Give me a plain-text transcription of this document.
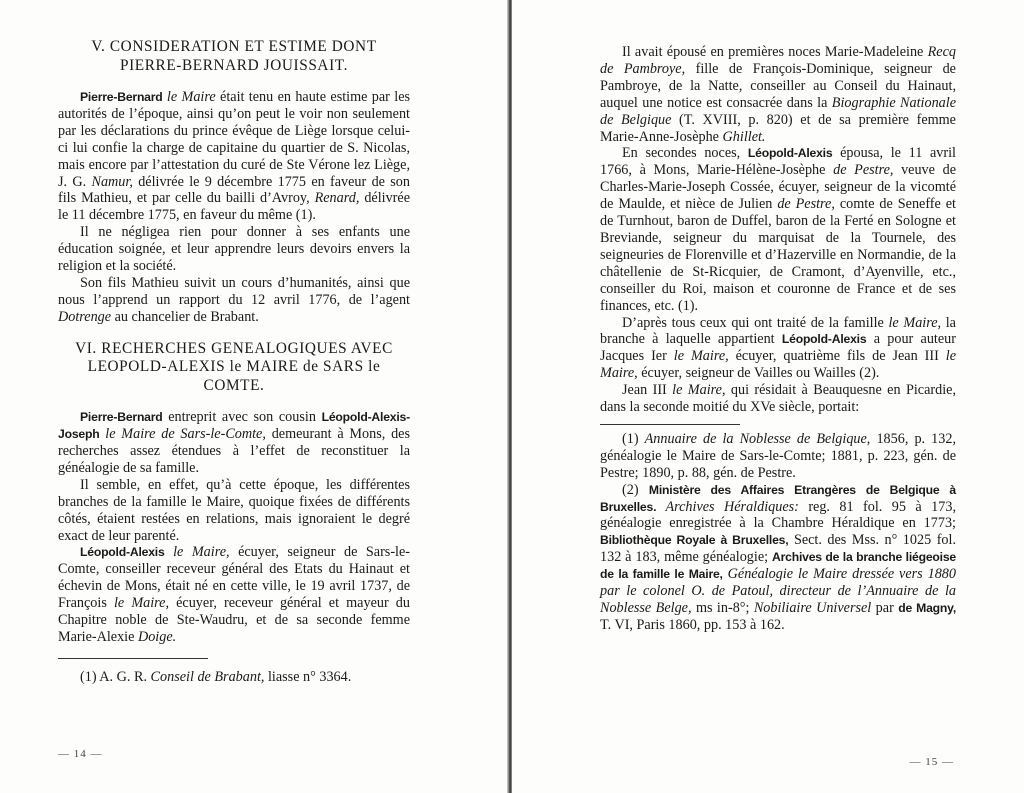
V. CONSIDERATION ET ESTIME DONT
PIERRE-BERNARD JOUISSAIT.

Pierre-Bernard le Maire était tenu en haute estime par les autorités de l’époque, ainsi qu’on peut le voir non seulement par les déclarations du prince évêque de Liège lorsque celui-ci lui confie la charge de capitaine du quartier de S. Nicolas, mais encore par l’attestation du curé de Ste Vérone lez Liège, J. G. Namur, délivrée le 9 décembre 1775 en faveur de son fils Mathieu, et par celle du bailli d’Avroy, Renard, délivrée le 11 décembre 1775, en faveur du même (1).

Il ne négligea rien pour donner à ses enfants une éducation soignée, et leur apprendre leurs devoirs envers la religion et la société.

Son fils Mathieu suivit un cours d’humanités, ainsi que nous l’apprend un rapport du 12 avril 1776, de l’agent Dotrenge au chancelier de Brabant.

VI. RECHERCHES GENEALOGIQUES AVEC
LEOPOLD-ALEXIS le MAIRE de SARS le COMTE.

Pierre-Bernard entreprit avec son cousin Léopold-Alexis-Joseph le Maire de Sars-le-Comte, demeurant à Mons, des recherches assez étendues à l’effet de reconstituer la généalogie de sa famille.

Il semble, en effet, qu’à cette époque, les différentes branches de la famille le Maire, quoique fixées de différents côtés, étaient restées en relations, mais ignoraient le degré exact de leur parenté.

Léopold-Alexis le Maire, écuyer, seigneur de Sars-le-Comte, conseiller receveur général des Etats du Hainaut et échevin de Mons, était né en cette ville, le 19 avril 1737, de François le Maire, écuyer, receveur général et mayeur du Chapitre noble de Ste-Waudru, et de sa seconde femme Marie-Alexie Doige.

(1) A. G. R. Conseil de Brabant, liasse n° 3364.

— 14 —

Il avait épousé en premières noces Marie-Madeleine Recq de Pambroye, fille de François-Dominique, seigneur de Pambroye, de la Natte, conseiller au Conseil du Hainaut, auquel une notice est consacrée dans la Biographie Nationale de Belgique (T. XVIII, p. 820) et de sa première femme Marie-Anne-Josèphe Ghillet.

En secondes noces, Léopold-Alexis épousa, le 11 avril 1766, à Mons, Marie-Hélène-Josèphe de Pestre, veuve de Charles-Marie-Joseph Cossée, écuyer, seigneur de la vicomté de Maulde, et nièce de Julien de Pestre, comte de Seneffe et de Turnhout, baron de Duffel, baron de la Ferté en Sologne et Breviande, seigneur du marquisat de la Tournele, des seigneuries de Florenville et d’Hazerville en Normandie, de la châtellenie de St-Ricquier, de Cramont, d’Ayenville, etc., conseiller du Roi, maison et couronne de France et de ses finances, etc. (1).

D’après tous ceux qui ont traité de la famille le Maire, la branche à laquelle appartient Léopold-Alexis a pour auteur Jacques Ier le Maire, écuyer, quatrième fils de Jean III le Maire, écuyer, seigneur de Vailles ou Wailles (2).

Jean III le Maire, qui résidait à Beauquesne en Picardie, dans la seconde moitié du XVe siècle, portait:

(1) Annuaire de la Noblesse de Belgique, 1856, p. 132, généalogie le Maire de Sars-le-Comte; 1881, p. 223, gén. de Pestre; 1890, p. 88, gén. de Pestre.

(2) Ministère des Affaires Etrangères de Belgique à Bruxelles. Archives Héraldiques: reg. 81 fol. 95 à 173, généalogie enregistrée à la Chambre Héraldique en 1773; Bibliothèque Royale à Bruxelles, Sect. des Mss. n° 1025 fol. 132 à 183, même généalogie; Archives de la branche liégeoise de la famille le Maire, Généalogie le Maire dressée vers 1880 par le colonel O. de Patoul, directeur de l’Annuaire de la Noblesse Belge, ms in-8°; Nobiliaire Universel par de Magny, T. VI, Paris 1860, pp. 153 à 162.

— 15 —
